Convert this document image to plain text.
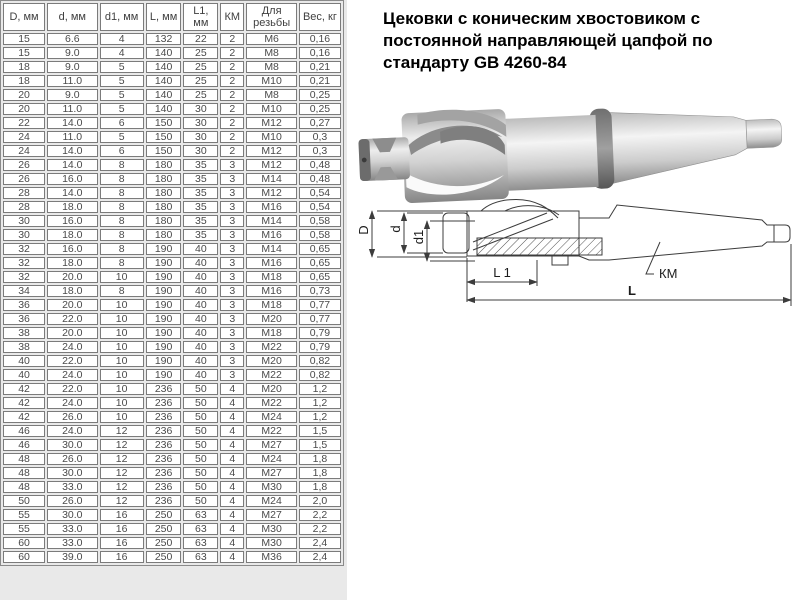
D, мм	d, мм	d1, мм	L, мм	L1, мм	КМ	Для резьбы	Вес, кг
15	6.6	4	132	22	2	М6	0,16
15	9.0	4	140	25	2	М8	0,16
18	9.0	5	140	25	2	М8	0,21
18	11.0	5	140	25	2	М10	0,21
20	9.0	5	140	25	2	М8	0,25
20	11.0	5	140	30	2	М10	0,25
22	14.0	6	150	30	2	М12	0,27
24	11.0	5	150	30	2	М10	0,3
24	14.0	6	150	30	2	М12	0,3
26	14.0	8	180	35	3	М12	0,48
26	16.0	8	180	35	3	М14	0,48
28	14.0	8	180	35	3	М12	0,54
28	18.0	8	180	35	3	М16	0,54
30	16.0	8	180	35	3	М14	0,58
30	18.0	8	180	35	3	М16	0,58
32	16.0	8	190	40	3	М14	0,65
32	18.0	8	190	40	3	М16	0,65
32	20.0	10	190	40	3	М18	0,65
34	18.0	8	190	40	3	М16	0,73
36	20.0	10	190	40	3	М18	0,77
36	22.0	10	190	40	3	М20	0,77
38	20.0	10	190	40	3	М18	0,79
38	24.0	10	190	40	3	М22	0,79
40	22.0	10	190	40	3	М20	0,82
40	24.0	10	190	40	3	М22	0,82
42	22.0	10	236	50	4	М20	1,2
42	24.0	10	236	50	4	М22	1,2
42	26.0	10	236	50	4	М24	1,2
46	24.0	12	236	50	4	М22	1,5
46	30.0	12	236	50	4	М27	1,5
48	26.0	12	236	50	4	М24	1,8
48	30.0	12	236	50	4	М27	1,8
48	33.0	12	236	50	4	М30	1,8
50	26.0	12	236	50	4	М24	2,0
55	30.0	16	250	63	4	М27	2,2
55	33.0	16	250	63	4	М30	2,2
60	33.0	16	250	63	4	М30	2,4
60	39.0	16	250	63	4	М36	2,4
Цековки с коническим хвостовиком с постоянной направляющей цапфой по стандарту GB 4260-84
D d
d1
L 1
L
КМ
